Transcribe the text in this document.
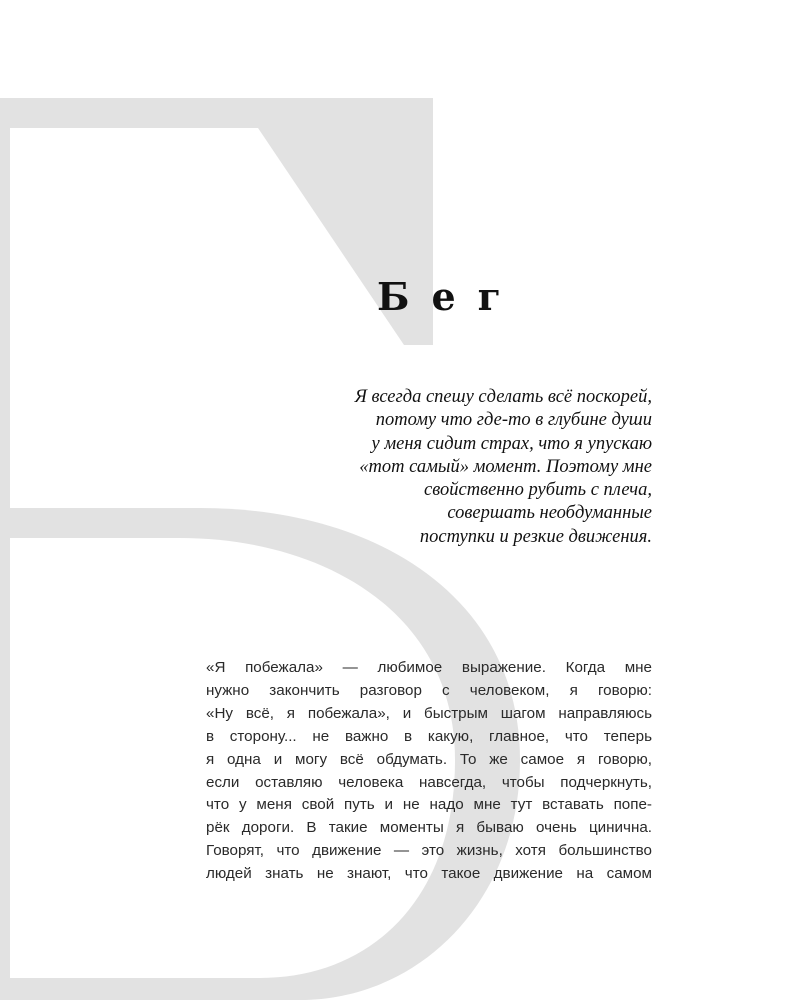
Бег
Я всегда спешу сделать всё поскорей,
потому что где-то в глубине души
у меня сидит страх, что я упускаю
«тот самый» момент. Поэтому мне
свойственно рубить с плеча,
совершать необдуманные
поступки и резкие движения.
«Я побежала» — любимое выражение. Когда мне
нужно закончить разговор с человеком, я говорю:
«Ну всё, я побежала», и быстрым шагом направляюсь
в сторону... не важно в какую, главное, что теперь
я одна и могу всё обдумать. То же самое я говорю,
если оставляю человека навсегда, чтобы подчеркнуть,
что у меня свой путь и не надо мне тут вставать попе-
рёк дороги. В такие моменты я бываю очень цинична.
Говорят, что движение — это жизнь, хотя большинство
людей знать не знают, что такое движение на самом
